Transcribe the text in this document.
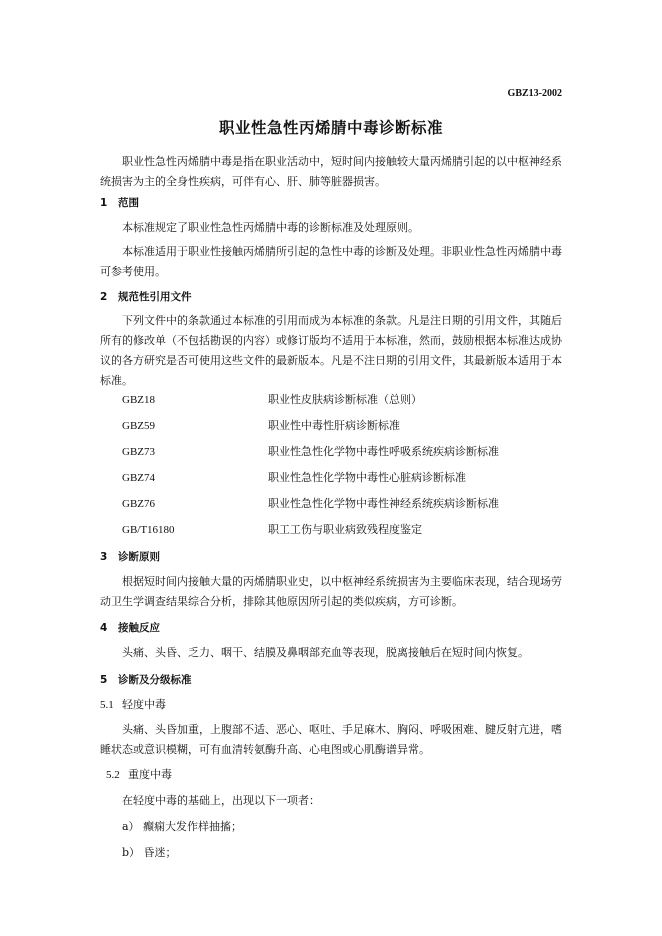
GBZ13-2002
职业性急性丙烯腈中毒诊断标准
职业性急性丙烯腈中毒是指在职业活动中，短时间内接触较大量丙烯腈引起的以中枢神经系统损害为主的全身性疾病，可伴有心、肝、肺等脏器损害。
1 范围
本标准规定了职业性急性丙烯腈中毒的诊断标准及处理原则。
本标准适用于职业性接触丙烯腈所引起的急性中毒的诊断及处理。非职业性急性丙烯腈中毒可参考使用。
2 规范性引用文件
下列文件中的条款通过本标准的引用而成为本标准的条款。凡是注日期的引用文件，其随后所有的修改单（不包括勘误的内容）或修订版均不适用于本标准，然而，鼓励根据本标准达成协议的各方研究是否可使用这些文件的最新版本。凡是不注日期的引用文件，其最新版本适用于本标准。
GBZ18	职业性皮肤病诊断标准（总则）
GBZ59	职业性中毒性肝病诊断标准
GBZ73	职业性急性化学物中毒性呼吸系统疾病诊断标准
GBZ74	职业性急性化学物中毒性心脏病诊断标准
GBZ76	职业性急性化学物中毒性神经系统疾病诊断标准
GB/T16180	职工工伤与职业病致残程度鉴定
3 诊断原则
根据短时间内接触大量的丙烯腈职业史，以中枢神经系统损害为主要临床表现，结合现场劳动卫生学调查结果综合分析，排除其他原因所引起的类似疾病，方可诊断。
4 接触反应
头痛、头昏、乏力、咽干、结膜及鼻咽部充血等表现，脱离接触后在短时间内恢复。
5 诊断及分级标准
5.1 轻度中毒
头痛、头昏加重，上腹部不适、恶心、呕吐、手足麻木、胸闷、呼吸困难、腱反射亢进，嗜睡状态或意识模糊，可有血清转氨酶升高、心电图或心肌酶谱异常。
5.2 重度中毒
在轻度中毒的基础上，出现以下一项者：
a） 癫痫大发作样抽搐；
b） 昏迷；
